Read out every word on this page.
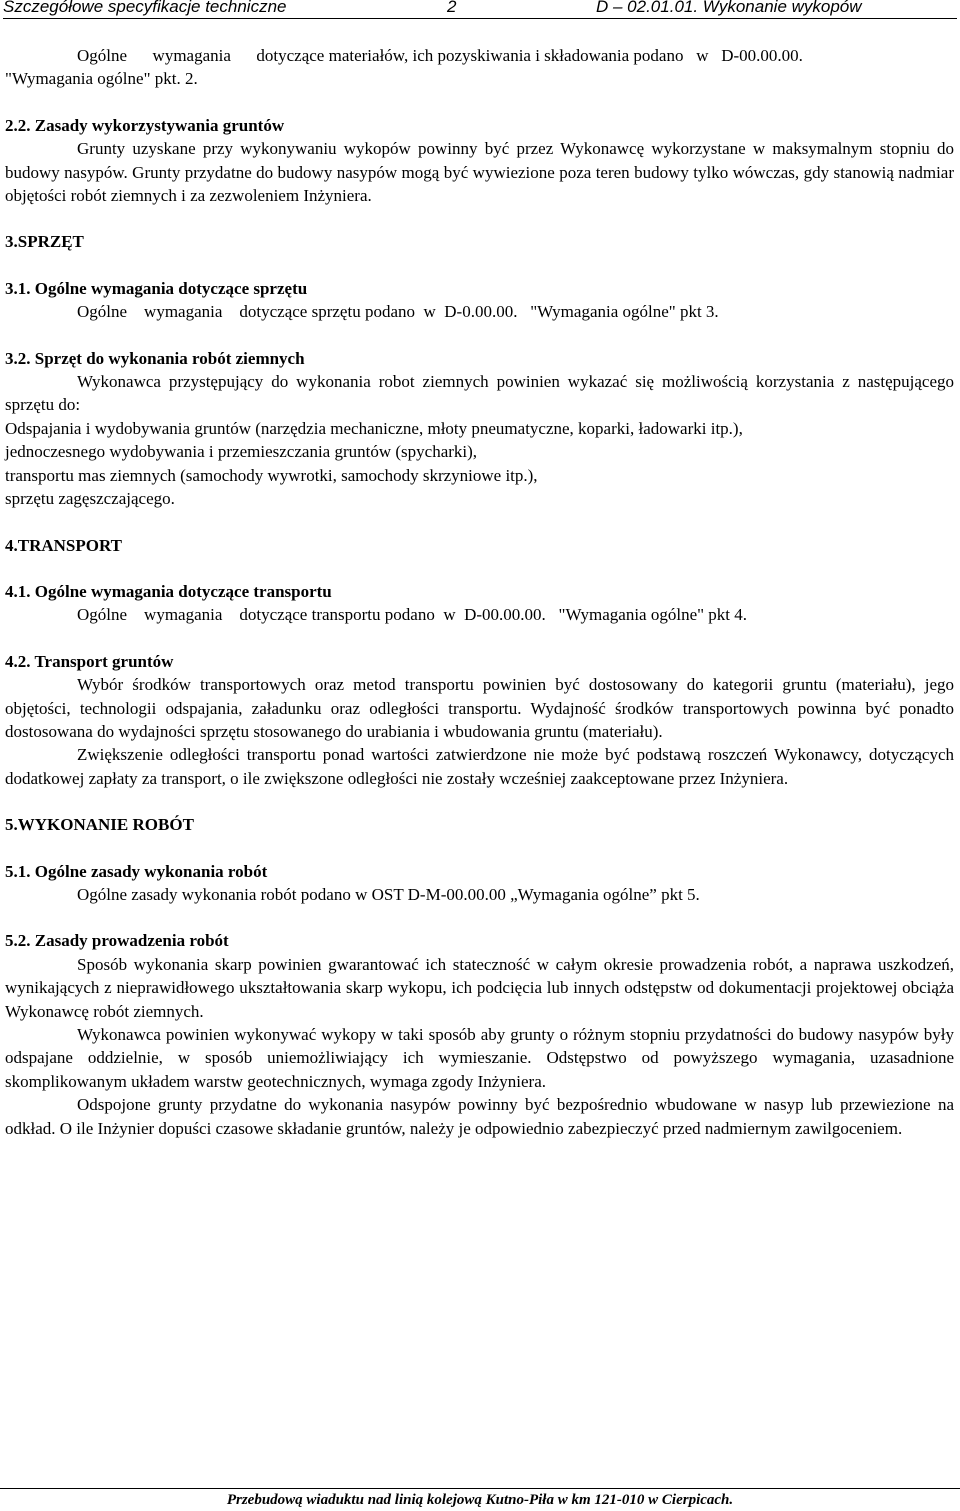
Szczegółowe specyfikacje techniczne	2	D – 02.01.01. Wykonanie wykopów

Ogólne      wymagania      dotyczące materiałów, ich pozyskiwania i składowania podano   w   D-00.00.00.

"Wymagania ogólne" pkt. 2.

2.2. Zasady wykorzystywania gruntów

Grunty uzyskane przy wykonywaniu wykopów powinny być przez Wykonawcę wykorzystane w maksymalnym stopniu do budowy nasypów. Grunty przydatne do budowy nasypów mogą być wywiezione poza teren budowy tylko wówczas, gdy stanowią nadmiar objętości robót ziemnych i za zezwoleniem Inżyniera.

3.SPRZĘT

3.1. Ogólne wymagania dotyczące sprzętu

Ogólne    wymagania    dotyczące sprzętu podano  w  D-0.00.00.   "Wymagania ogólne" pkt 3.

3.2. Sprzęt do wykonania robót ziemnych

Wykonawca przystępujący do wykonania robot ziemnych powinien wykazać się możliwością korzystania z następującego sprzętu do:

Odspajania i wydobywania gruntów (narzędzia mechaniczne, młoty pneumatyczne, koparki, ładowarki itp.),

jednoczesnego wydobywania i przemieszczania gruntów (spycharki),

transportu mas ziemnych (samochody wywrotki, samochody skrzyniowe itp.),

sprzętu zagęszczającego.

4.TRANSPORT

4.1. Ogólne wymagania dotyczące transportu

Ogólne    wymagania    dotyczące transportu podano  w  D-00.00.00.   "Wymagania ogólne" pkt 4.

4.2. Transport gruntów

Wybór środków transportowych oraz metod transportu powinien być dostosowany do kategorii gruntu (materiału), jego objętości, technologii odspajania, załadunku oraz odległości transportu. Wydajność środków transportowych powinna być ponadto dostosowana do wydajności sprzętu stosowanego do urabiania i wbudowania gruntu (materiału).

Zwiększenie odległości transportu ponad wartości zatwierdzone nie może być podstawą roszczeń Wykonawcy, dotyczących dodatkowej zapłaty za transport, o ile zwiększone odległości nie zostały wcześniej zaakceptowane przez Inżyniera.

5.WYKONANIE ROBÓT

5.1. Ogólne zasady wykonania robót

Ogólne zasady wykonania robót podano w OST D-M-00.00.00 „Wymagania ogólne” pkt 5.

5.2. Zasady prowadzenia robót

Sposób wykonania skarp powinien gwarantować ich stateczność w całym okresie prowadzenia robót, a naprawa uszkodzeń, wynikających z nieprawidłowego ukształtowania skarp wykopu, ich podcięcia lub innych odstępstw od dokumentacji projektowej obciąża Wykonawcę robót ziemnych.

Wykonawca powinien wykonywać wykopy w taki sposób aby grunty o różnym stopniu przydatności do budowy nasypów były odspajane oddzielnie, w sposób uniemożliwiający ich wymieszanie. Odstępstwo od powyższego wymagania, uzasadnione skomplikowanym układem warstw geotechnicznych, wymaga zgody Inżyniera.

Odspojone grunty przydatne do wykonania nasypów powinny być bezpośrednio wbudowane w nasyp lub przewiezione na odkład. O ile Inżynier dopuści czasowe składanie gruntów, należy je odpowiednio zabezpieczyć przed nadmiernym zawilgoceniem.

Przebudową wiaduktu nad linią kolejową Kutno-Piła w km 121-010 w Cierpicach.
